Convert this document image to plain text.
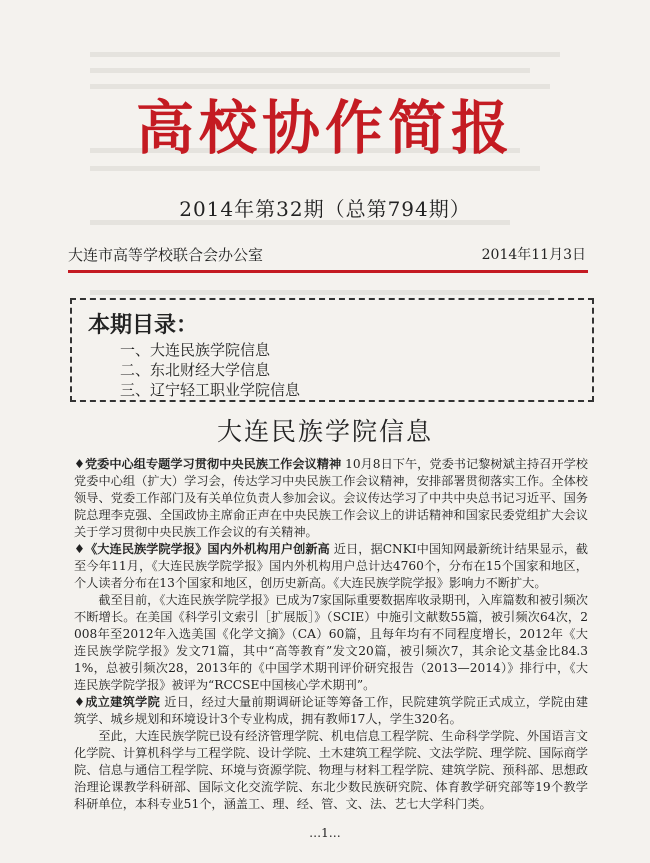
高校协作简报
2014年第32期（总第794期）
大连市高等学校联合会办公室	2014年11月3日
本期目录：
一、大连民族学院信息
二、东北财经大学信息
三、辽宁轻工职业学院信息
大连民族学院信息

♦党委中心组专题学习贯彻中央民族工作会议精神 10月8日下午，党委书记黎树斌主持召开学校党委中心组（扩大）学习会，传达学习中央民族工作会议精神，安排部署贯彻落实工作。全体校领导、党委工作部门及有关单位负责人参加会议。会议传达学习了中共中央总书记习近平、国务院总理李克强、全国政协主席俞正声在中央民族工作会议上的讲话精神和国家民委党组扩大会议关于学习贯彻中央民族工作会议的有关精神。

♦《大连民族学院学报》国内外机构用户创新高 近日，据CNKI中国知网最新统计结果显示，截至今年11月，《大连民族学院学报》国内外机构用户总计达4760个，分布在15个国家和地区，个人读者分布在13个国家和地区，创历史新高。《大连民族学院学报》影响力不断扩大。

截至目前，《大连民族学院学报》已成为7家国际重要数据库收录期刊，入库篇数和被引频次不断增长。在美国《科学引文索引［扩展版］》（SCIE）中施引文献数55篇，被引频次64次，2008年至2012年入选美国《化学文摘》（CA）60篇，且每年均有不同程度增长，2012年《大连民族学院学报》发文71篇，其中“高等教育”发文20篇，被引频次7，其余论文基金比84.31%，总被引频次28，2013年的《中国学术期刊评价研究报告（2013—2014）》排行中，《大连民族学院学报》被评为“RCCSE中国核心学术期刊”。

♦成立建筑学院 近日，经过大量前期调研论证等筹备工作，民院建筑学院正式成立，学院由建筑学、城乡规划和环境设计3个专业构成，拥有教师17人，学生320名。

至此，大连民族学院已设有经济管理学院、机电信息工程学院、生命科学学院、外国语言文化学院、计算机科学与工程学院、设计学院、土木建筑工程学院、文法学院、理学院、国际商学院、信息与通信工程学院、环境与资源学院、物理与材料工程学院、建筑学院、预科部、思想政治理论课教学科研部、国际文化交流学院、东北少数民族研究院、体育教学研究部等19个教学科研单位，本科专业51个，涵盖工、理、经、管、文、法、艺七大学科门类。

…1…
